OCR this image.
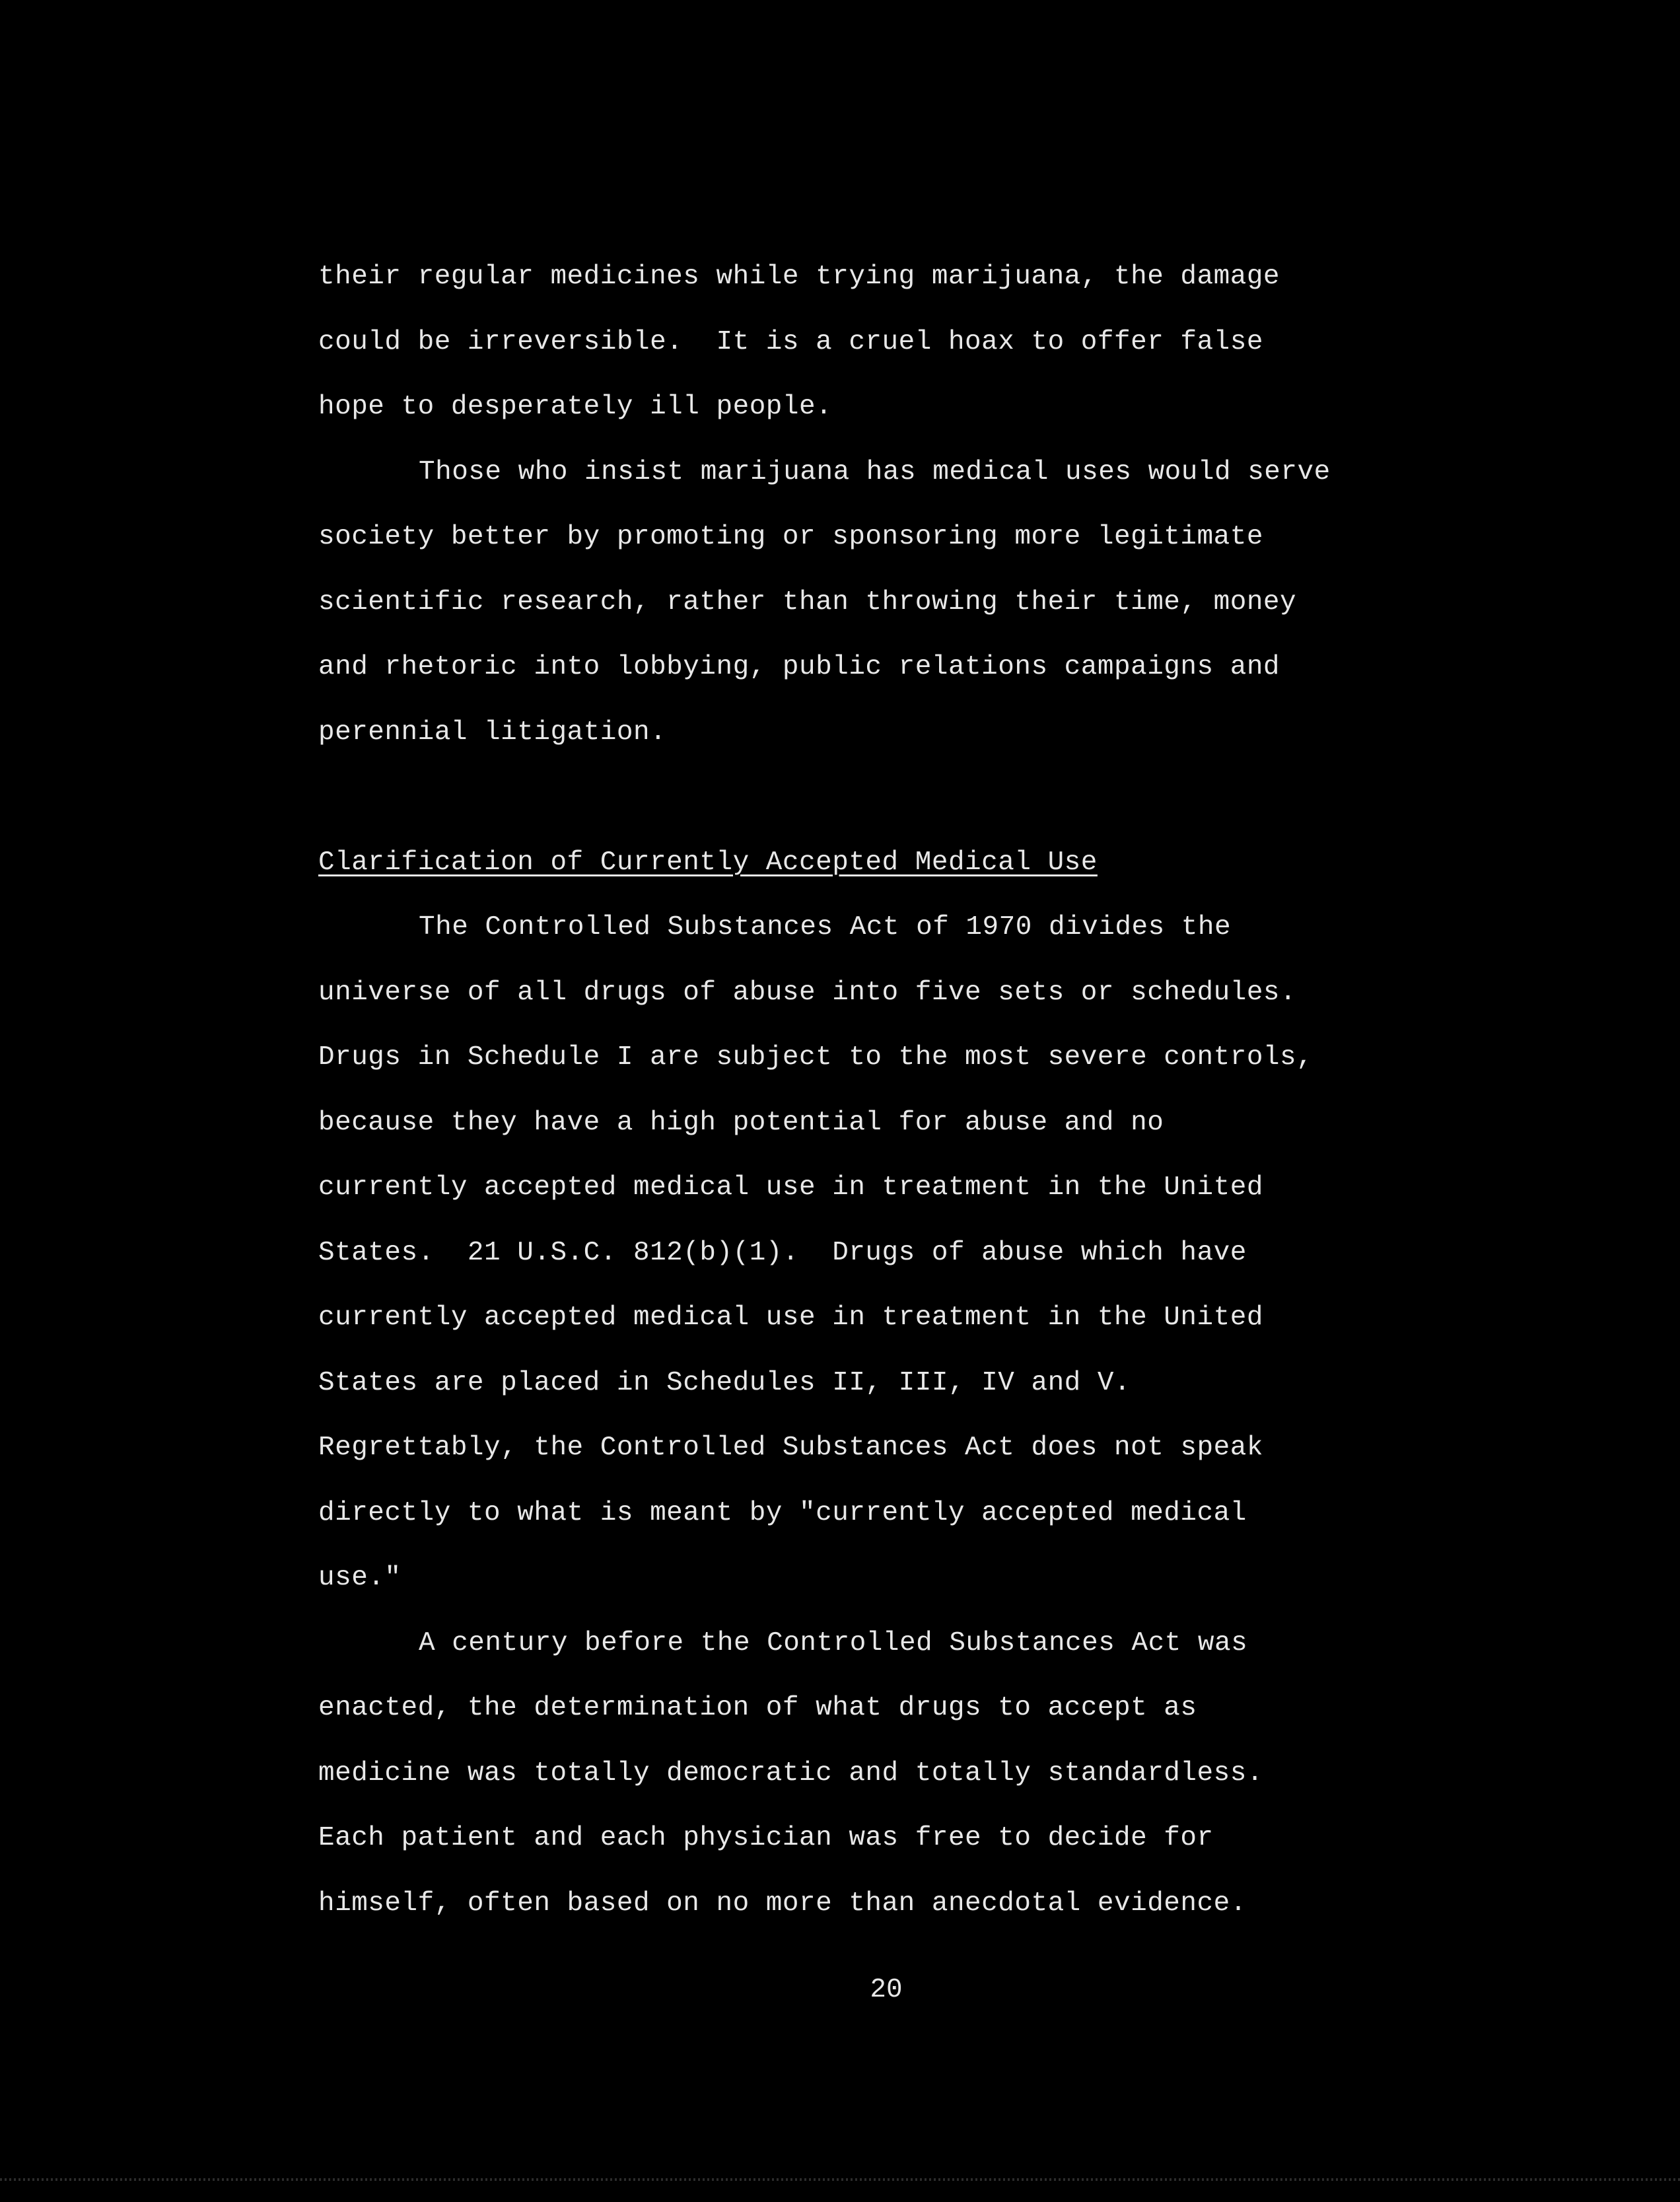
their regular medicines while trying marijuana, the damage
could be irreversible.  It is a cruel hoax to offer false
hope to desperately ill people.
Those who insist marijuana has medical uses would serve
society better by promoting or sponsoring more legitimate
scientific research, rather than throwing their time, money
and rhetoric into lobbying, public relations campaigns and
perennial litigation.
Clarification of Currently Accepted Medical Use
The Controlled Substances Act of 1970 divides the
universe of all drugs of abuse into five sets or schedules.
Drugs in Schedule I are subject to the most severe controls,
because they have a high potential for abuse and no
currently accepted medical use in treatment in the United
States.  21 U.S.C. 812(b)(1).  Drugs of abuse which have
currently accepted medical use in treatment in the United
States are placed in Schedules II, III, IV and V.
Regrettably, the Controlled Substances Act does not speak
directly to what is meant by "currently accepted medical
use."
A century before the Controlled Substances Act was
enacted, the determination of what drugs to accept as
medicine was totally democratic and totally standardless.
Each patient and each physician was free to decide for
himself, often based on no more than anecdotal evidence.
20
